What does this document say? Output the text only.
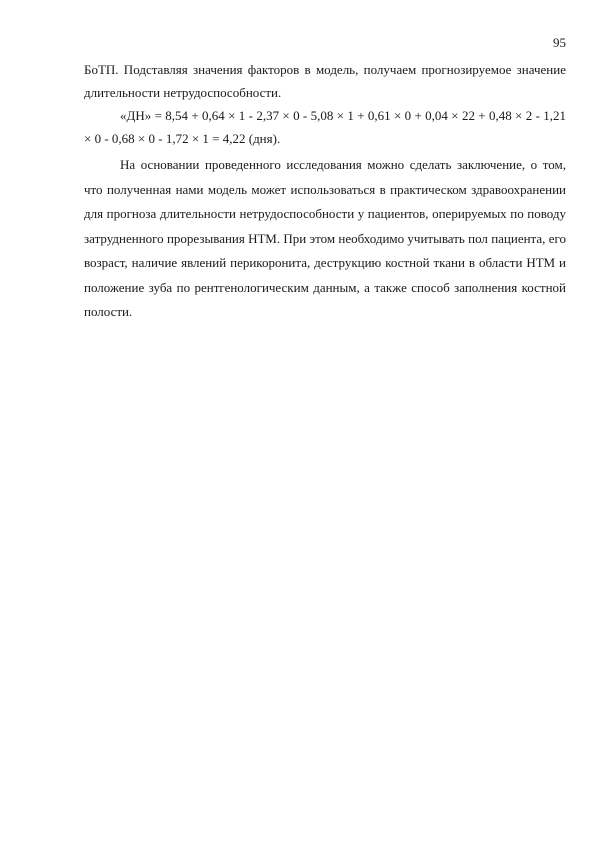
95

БоТП. Подставляя значения факторов в модель, получаем прогнозируемое значение длительности нетрудоспособности.

«ДН» = 8,54 + 0,64 × 1 - 2,37 × 0 - 5,08 × 1 + 0,61 × 0 + 0,04 × 22 + 0,48 × 2 - 1,21 × 0 - 0,68 × 0 - 1,72 × 1 = 4,22 (дня).

На основании проведенного исследования можно сделать заключение, о том, что полученная нами модель может использоваться в практическом здравоохранении для прогноза длительности нетрудоспособности у пациентов, оперируемых по поводу затрудненного прорезывания НТМ. При этом необходимо учитывать пол пациента, его возраст, наличие явлений перикоронита, деструкцию костной ткани в области НТМ и положение зуба по рентгенологическим данным, а также способ заполнения костной полости.
